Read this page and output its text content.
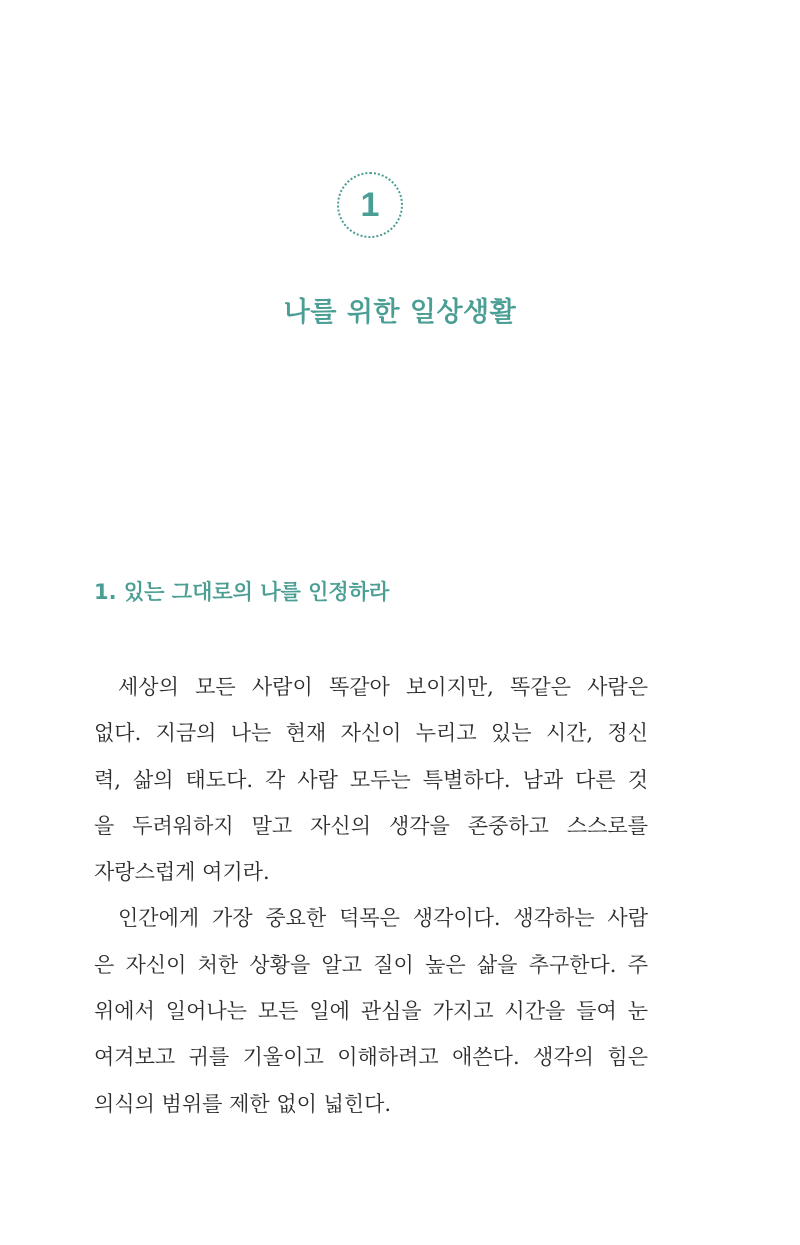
1
나를 위한 일상생활
1. 있는 그대로의 나를 인정하라
세상의 모든 사람이 똑같아 보이지만, 똑같은 사람은
없다. 지금의 나는 현재 자신이 누리고 있는 시간, 정신
력, 삶의 태도다. 각 사람 모두는 특별하다. 남과 다른 것
을 두려워하지 말고 자신의 생각을 존중하고 스스로를
자랑스럽게 여기라.
인간에게 가장 중요한 덕목은 생각이다. 생각하는 사람
은 자신이 처한 상황을 알고 질이 높은 삶을 추구한다. 주
위에서 일어나는 모든 일에 관심을 가지고 시간을 들여 눈
여겨보고 귀를 기울이고 이해하려고 애쓴다. 생각의 힘은
의식의 범위를 제한 없이 넓힌다.
